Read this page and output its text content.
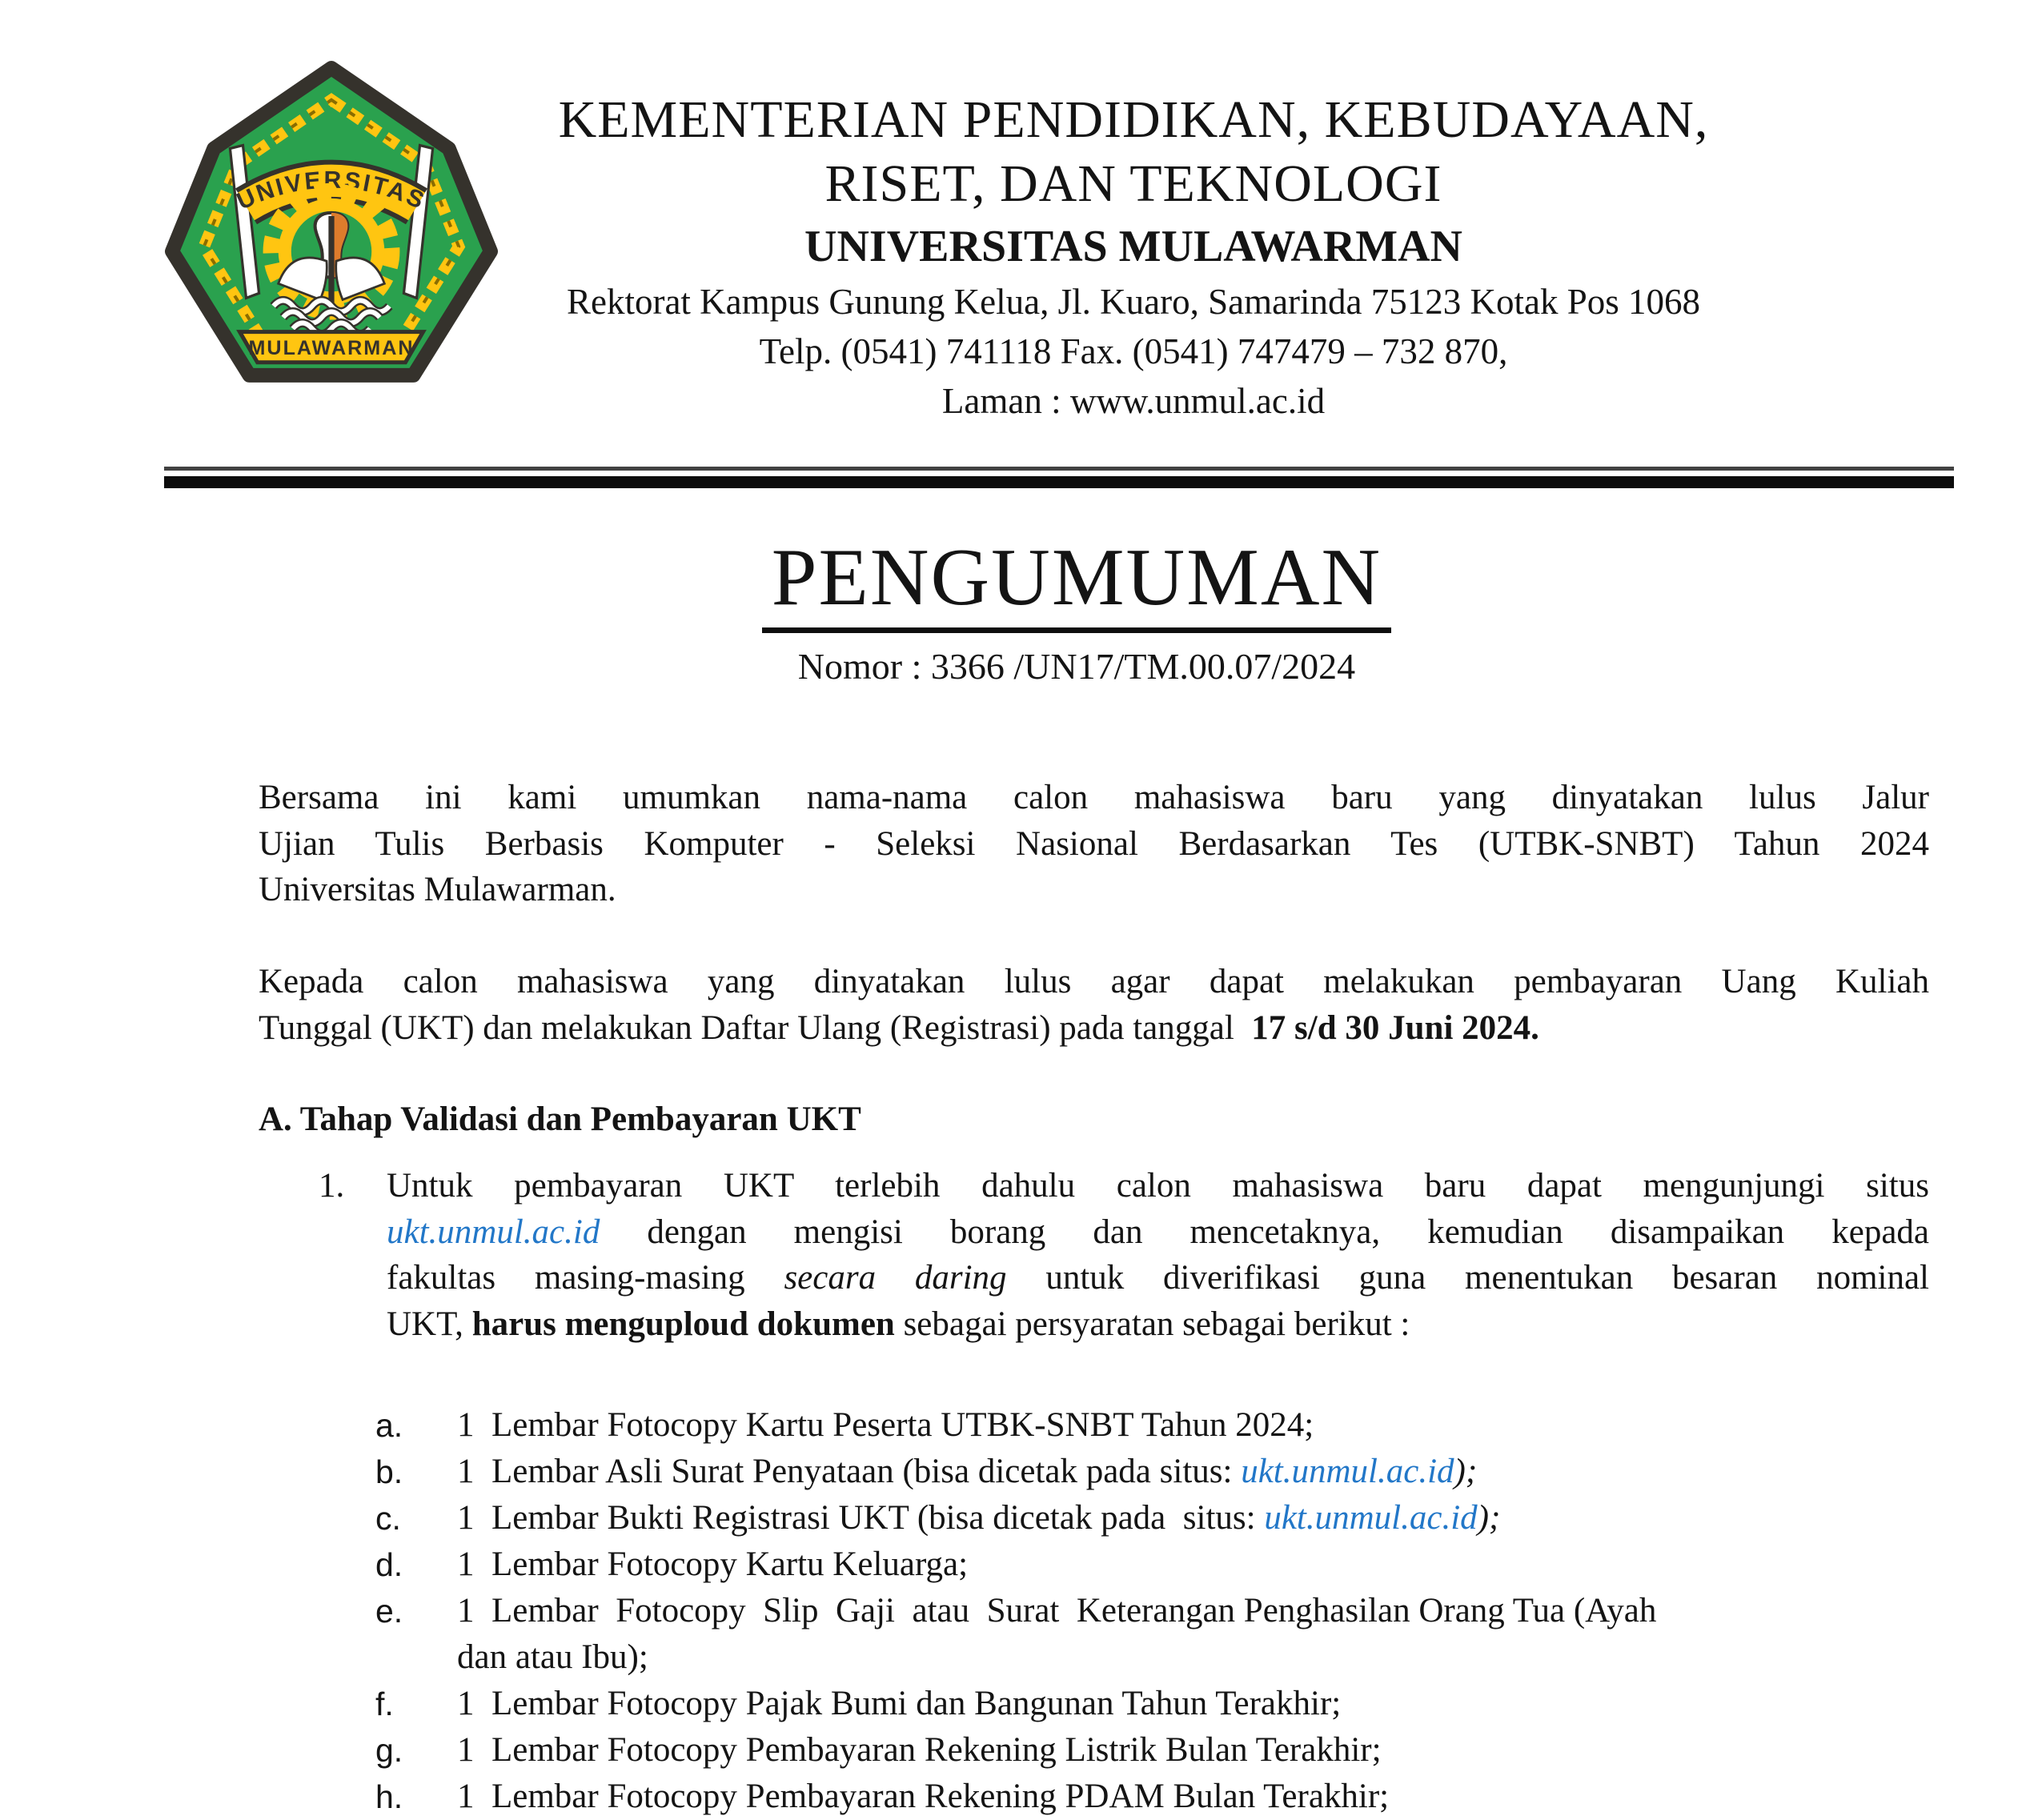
UNIVERSITAS
MULAWARMAN
KEMENTERIAN PENDIDIKAN, KEBUDAYAAN,
RISET, DAN TEKNOLOGI
UNIVERSITAS MULAWARMAN
Rektorat Kampus Gunung Kelua, Jl. Kuaro, Samarinda 75123 Kotak Pos 1068
Telp. (0541) 741118 Fax. (0541) 747479 – 732 870,
Laman : www.unmul.ac.id
PENGUMUMAN
Nomor : 3366 /UN17/TM.00.07/2024
Bersama ini kami umumkan nama-nama calon mahasiswa baru yang dinyatakan lulus Jalur
Ujian Tulis Berbasis Komputer - Seleksi Nasional Berdasarkan Tes (UTBK-SNBT) Tahun 2024
Universitas Mulawarman.
Kepada calon mahasiswa yang dinyatakan lulus agar dapat melakukan pembayaran Uang Kuliah
Tunggal (UKT) dan melakukan Daftar Ulang (Registrasi) pada tanggal  17 s/d 30 Juni 2024.
A. Tahap Validasi dan Pembayaran UKT
1. Untuk pembayaran UKT terlebih dahulu calon mahasiswa baru dapat mengunjungi situs
ukt.unmul.ac.id dengan mengisi borang dan mencetaknya, kemudian disampaikan kepada
fakultas masing-masing secara daring untuk diverifikasi guna menentukan besaran nominal
UKT, harus menguploud dokumen sebagai persyaratan sebagai berikut :
a. 1  Lembar Fotocopy Kartu Peserta UTBK-SNBT Tahun 2024;
b. 1  Lembar Asli Surat Penyataan (bisa dicetak pada situs: ukt.unmul.ac.id);
c. 1  Lembar Bukti Registrasi UKT (bisa dicetak pada  situs: ukt.unmul.ac.id);
d. 1  Lembar Fotocopy Kartu Keluarga;
e. 1  Lembar  Fotocopy  Slip  Gaji  atau  Surat  Keterangan Penghasilan Orang Tua (Ayah
dan atau Ibu);
f. 1  Lembar Fotocopy Pajak Bumi dan Bangunan Tahun Terakhir;
g. 1  Lembar Fotocopy Pembayaran Rekening Listrik Bulan Terakhir;
h. 1  Lembar Fotocopy Pembayaran Rekening PDAM Bulan Terakhir;
